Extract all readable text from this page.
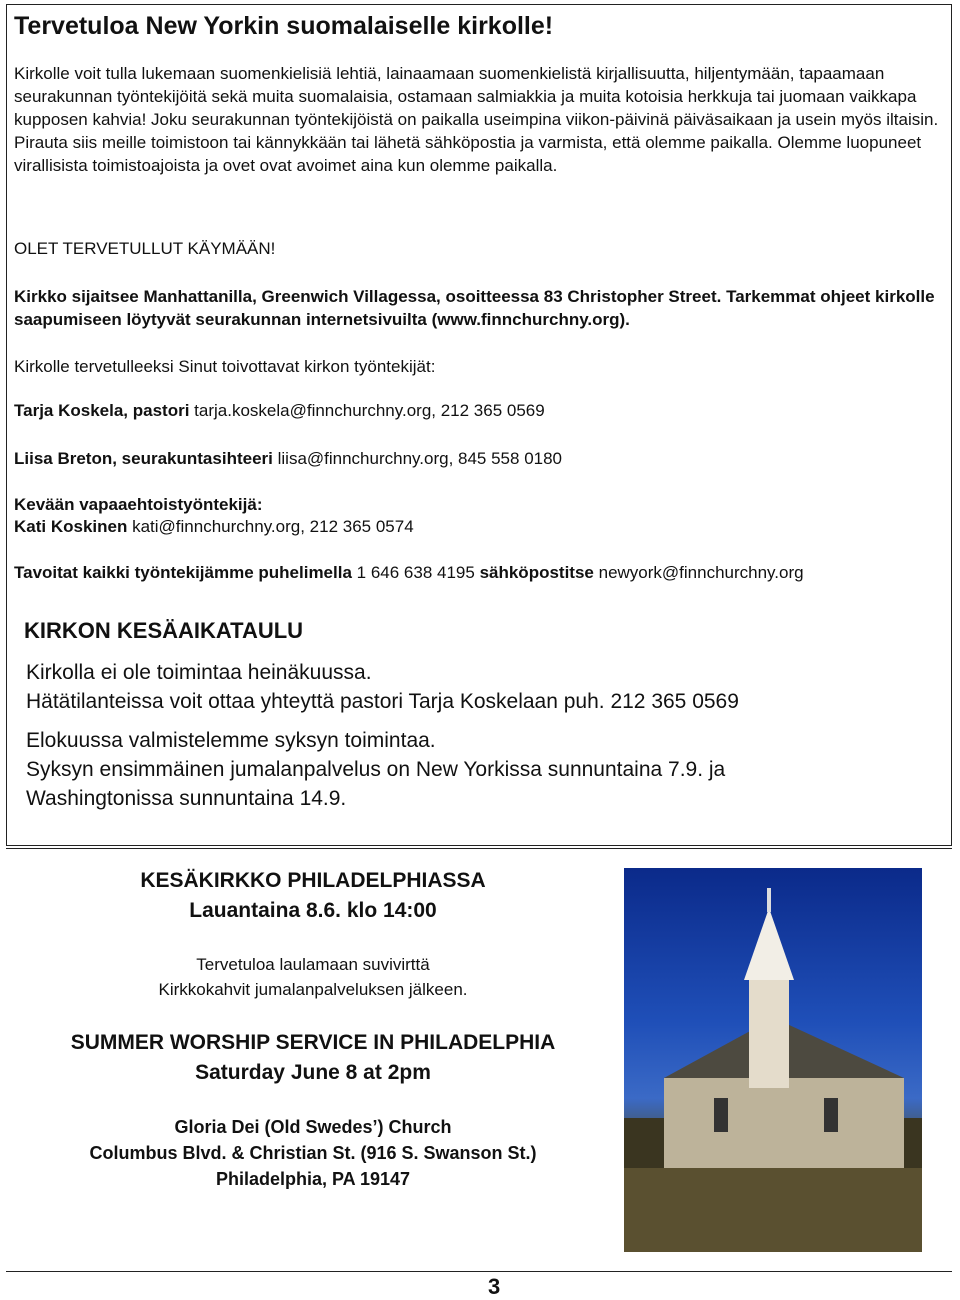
Tervetuloa New Yorkin suomalaiselle kirkolle!

Kirkolle voit tulla lukemaan suomenkielisiä lehtiä, lainaamaan suomenkielistä kirjallisuutta, hiljentymään, tapaamaan seurakunnan työntekijöitä sekä muita suomalaisia, ostamaan salmiakkia ja muita kotoisia herkkuja tai juomaan vaikkapa kupposen kahvia! Joku seurakunnan työntekijöistä on paikalla useimpina viikon-päivinä päiväsaikaan ja usein myös iltaisin. Pirauta siis meille toimistoon tai kännykkään tai lähetä sähköpostia ja varmista, että olemme paikalla. Olemme luopuneet virallisista toimistoajoista ja ovet ovat avoimet aina kun olemme paikalla.

OLET TERVETULLUT KÄYMÄÄN!

Kirkko sijaitsee Manhattanilla, Greenwich Villagessa, osoitteessa 83 Christopher Street. Tarkemmat ohjeet kirkolle saapumiseen löytyvät seurakunnan internetsivuilta (www.finnchurchny.org).

Kirkolle tervetulleeksi Sinut toivottavat kirkon työntekijät:

Tarja Koskela, pastori tarja.koskela@finnchurchny.org, 212 365 0569

Liisa Breton, seurakuntasihteeri liisa@finnchurchny.org, 845 558 0180

Kevään vapaaehtoistyöntekijä:

Kati Koskinen kati@finnchurchny.org, 212 365 0574

Tavoitat kaikki työntekijämme puhelimella 1 646 638 4195 sähköpostitse newyork@finnchurchny.org

KIRKON KESÄAIKATAULU

Kirkolla ei ole toimintaa heinäkuussa.

Hätätilanteissa voit ottaa yhteyttä pastori Tarja Koskelaan puh. 212 365 0569

Elokuussa valmistelemme syksyn toimintaa.

Syksyn ensimmäinen jumalanpalvelus on New Yorkissa sunnuntaina 7.9. ja

Washingtonissa sunnuntaina 14.9.

KESÄKIRKKO PHILADELPHIASSA

Lauantaina 8.6. klo 14:00

Tervetuloa laulamaan suvivirttä

Kirkkokahvit jumalanpalveluksen jälkeen.

SUMMER WORSHIP SERVICE IN PHILADELPHIA

Saturday June 8 at 2pm

Gloria Dei (Old Swedes’) Church

Columbus Blvd. & Christian St. (916 S. Swanson St.)

Philadelphia, PA 19147

3
